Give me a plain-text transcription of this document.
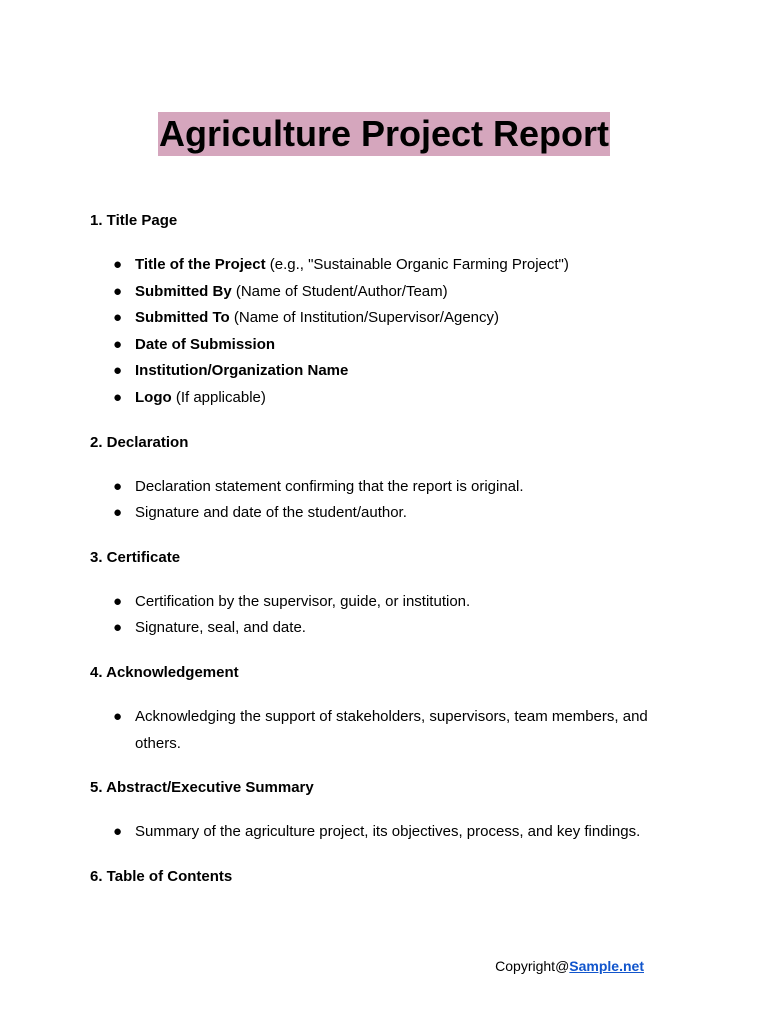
Agriculture Project Report
1. Title Page
● Title of the Project (e.g., "Sustainable Organic Farming Project")
● Submitted By (Name of Student/Author/Team)
● Submitted To (Name of Institution/Supervisor/Agency)
● Date of Submission
● Institution/Organization Name
● Logo (If applicable)
2. Declaration
● Declaration statement confirming that the report is original.
● Signature and date of the student/author.
3. Certificate
● Certification by the supervisor, guide, or institution.
● Signature, seal, and date.
4. Acknowledgement
● Acknowledging the support of stakeholders, supervisors, team members, and others.
5. Abstract/Executive Summary
● Summary of the agriculture project, its objectives, process, and key findings.
6. Table of Contents
Copyright@Sample.net
